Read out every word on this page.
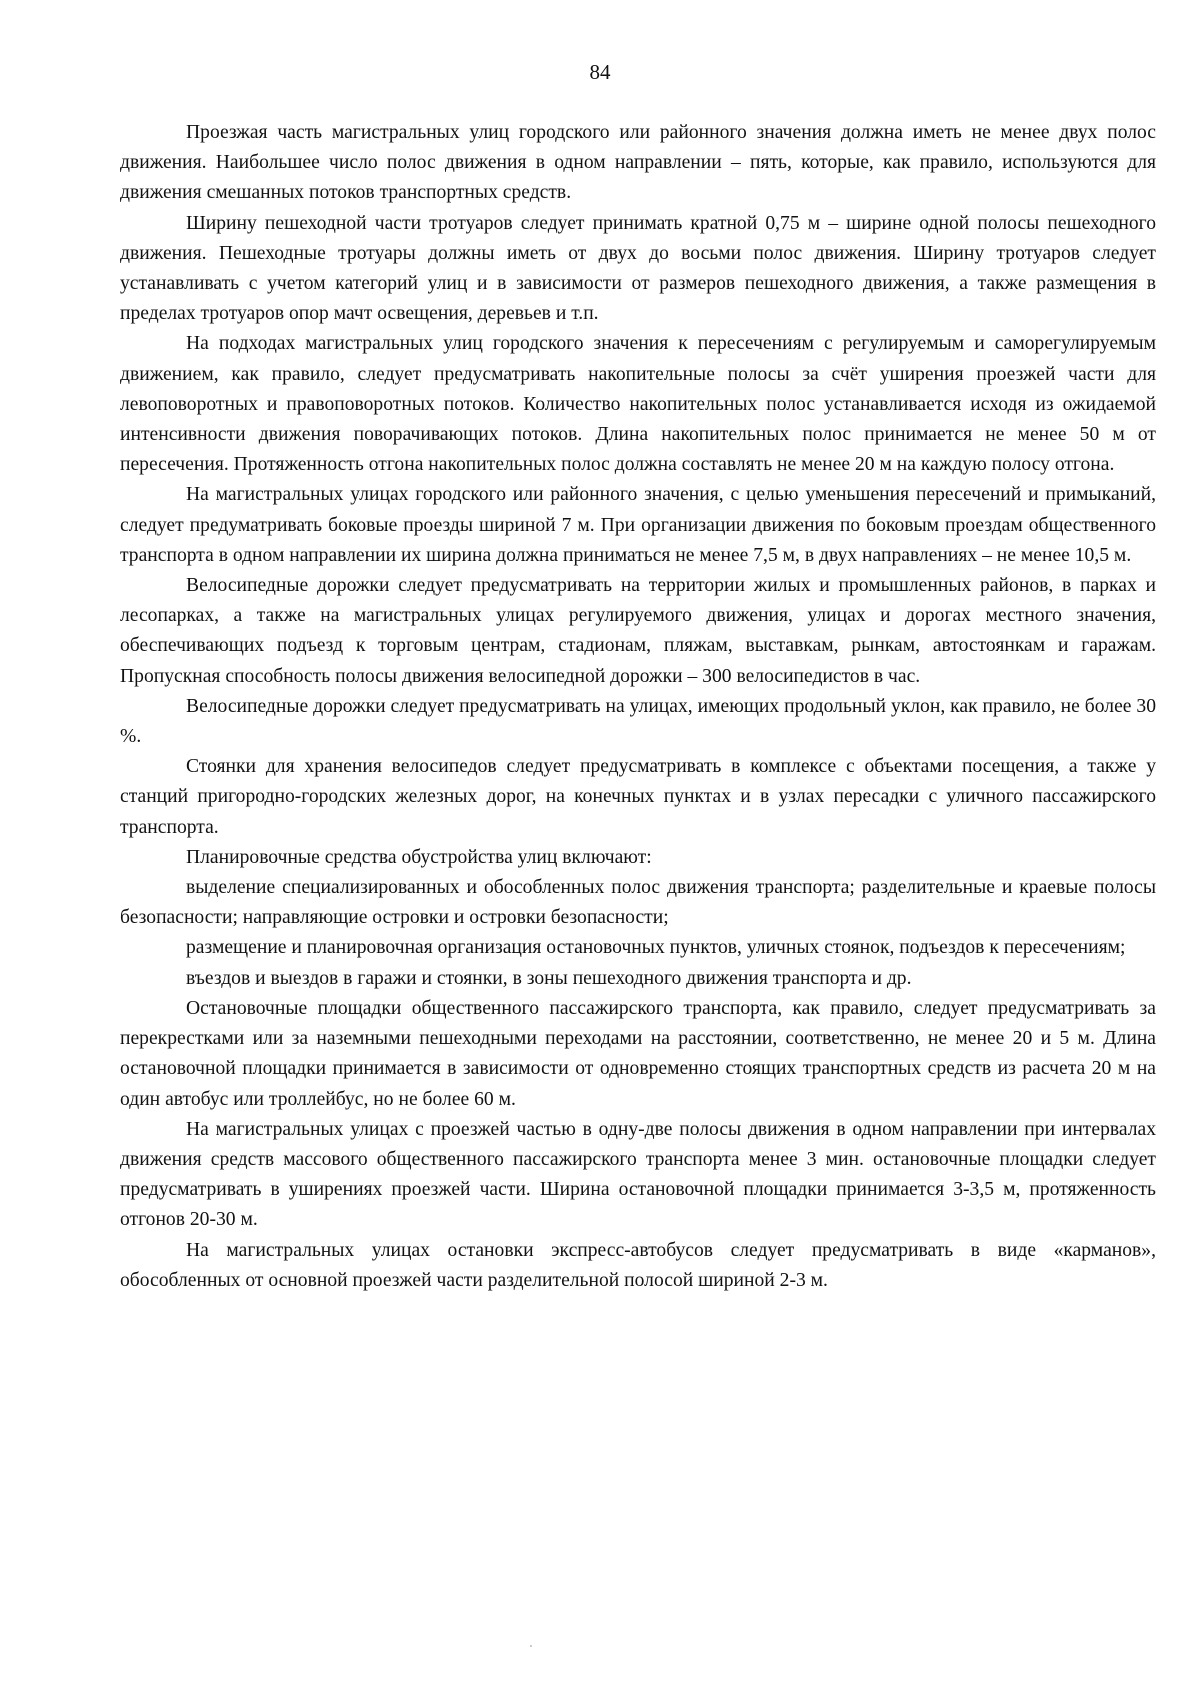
84

Проезжая часть магистральных улиц городского или районного значения должна иметь не менее двух полос движения. Наибольшее число полос движения в одном направлении – пять, которые, как правило, используются для движения смешанных потоков транспортных средств.

Ширину пешеходной части тротуаров следует принимать кратной 0,75 м – ширине одной полосы пешеходного движения. Пешеходные тротуары должны иметь от двух до восьми полос движения. Ширину тротуаров следует устанавливать с учетом категорий улиц и в зависимости от размеров пешеходного движения, а также размещения в пределах тротуаров опор мачт освещения, деревьев и т.п.

На подходах магистральных улиц городского значения к пересечениям с регулируемым и саморегулируемым движением, как правило, следует предусматривать накопительные полосы за счёт уширения проезжей части для левоповоротных и правоповоротных потоков. Количество накопительных полос устанавливается исходя из ожидаемой интенсивности движения поворачивающих потоков. Длина накопительных полос принимается не менее 50 м от пересечения. Протяженность отгона накопительных полос должна составлять не менее 20 м на каждую полосу отгона.

На магистральных улицах городского или районного значения, с целью уменьшения пересечений и примыканий, следует предуматривать боковые проезды шириной 7 м. При организации движения по боковым проездам общественного транспорта в одном направлении их ширина должна приниматься не менее 7,5 м, в двух направлениях – не менее 10,5 м.

Велосипедные дорожки следует предусматривать на территории жилых и промышленных районов, в парках и лесопарках, а также на магистральных улицах регулируемого движения, улицах и дорогах местного значения, обеспечивающих подъезд к торговым центрам, стадионам, пляжам, выставкам, рынкам, автостоянкам и гаражам. Пропускная способность полосы движения велосипедной дорожки – 300 велосипедистов в час.

Велосипедные дорожки следует предусматривать на улицах, имеющих продольный уклон, как правило, не более 30 %.

Стоянки для хранения велосипедов следует предусматривать в комплексе с объектами посещения, а также у станций пригородно-городских железных дорог, на конечных пунктах и в узлах пересадки с уличного пассажирского транспорта.

Планировочные средства обустройства улиц включают:

выделение специализированных и обособленных полос движения транспорта; разделительные и краевые полосы безопасности; направляющие островки и островки безопасности;

размещение и планировочная организация остановочных пунктов, уличных стоянок, подъездов к пересечениям;

въездов и выездов в гаражи и стоянки, в зоны пешеходного движения транспорта и др.

Остановочные площадки общественного пассажирского транспорта, как правило, следует предусматривать за перекрестками или за наземными пешеходными переходами на расстоянии, соответственно, не менее 20 и 5 м. Длина остановочной площадки принимается в зависимости от одновременно стоящих транспортных средств из расчета 20 м на один автобус или троллейбус, но не более 60 м.

На магистральных улицах с проезжей частью в одну-две полосы движения в одном направлении при интервалах движения средств массового общественного пассажирского транспорта менее 3 мин. остановочные площадки следует предусматривать в уширениях проезжей части. Ширина остановочной площадки принимается 3-3,5 м, протяженность отгонов 20-30 м.

На магистральных улицах остановки экспресс-автобусов следует предусматривать в виде «карманов», обособленных от основной проезжей части разделительной полосой шириной 2-3 м.
